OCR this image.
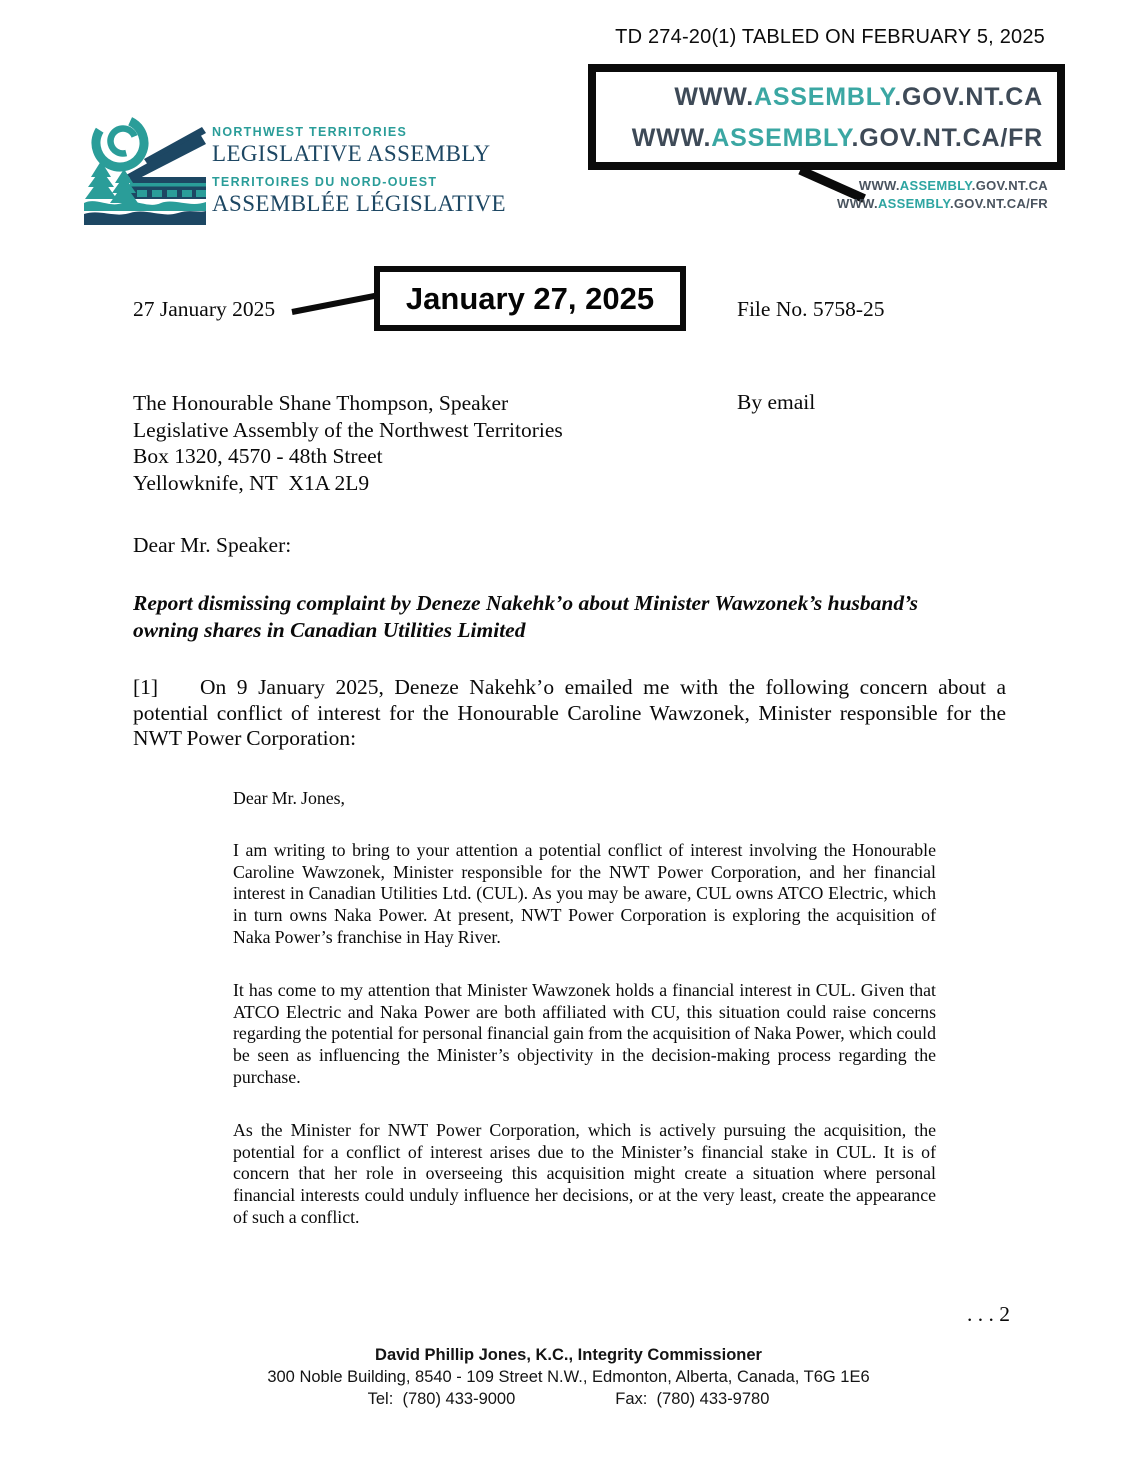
TD 274-20(1) TABLED ON FEBRUARY 5, 2025
WWW.ASSEMBLY.GOV.NT.CA
WWW.ASSEMBLY.GOV.NT.CA/FR
WWW.ASSEMBLY.GOV.NT.CA
WWW.ASSEMBLY.GOV.NT.CA/FR
NORTHWEST TERRITORIES
LEGISLATIVE ASSEMBLY
TERRITOIRES DU NORD-OUEST
ASSEMBLÉE LÉGISLATIVE
27 January 2025	January 27, 2025	File No. 5758-25
The Honourable Shane Thompson, Speaker
Legislative Assembly of the Northwest Territories
Box 1320, 4570 - 48th Street
Yellowknife, NT  X1A 2L9
By email
Dear Mr. Speaker:
Report dismissing complaint by Deneze Nakehk’o about Minister Wawzonek’s husband’s
owning shares in Canadian Utilities Limited
[1] On 9 January 2025, Deneze Nakehk’o emailed me with the following concern about a potential conflict of interest for the Honourable Caroline Wawzonek, Minister responsible for the NWT Power Corporation:
Dear Mr. Jones,

I am writing to bring to your attention a potential conflict of interest involving the Honourable Caroline Wawzonek, Minister responsible for the NWT Power Corporation, and her financial interest in Canadian Utilities Ltd. (CUL). As you may be aware, CUL owns ATCO Electric, which in turn owns Naka Power. At present, NWT Power Corporation is exploring the acquisition of Naka Power’s franchise in Hay River.

It has come to my attention that Minister Wawzonek holds a financial interest in CUL. Given that ATCO Electric and Naka Power are both affiliated with CU, this situation could raise concerns regarding the potential for personal financial gain from the acquisition of Naka Power, which could be seen as influencing the Minister’s objectivity in the decision-making process regarding the purchase.

As the Minister for NWT Power Corporation, which is actively pursuing the acquisition, the potential for a conflict of interest arises due to the Minister’s financial stake in CUL. It is of concern that her role in overseeing this acquisition might create a situation where personal financial interests could unduly influence her decisions, or at the very least, create the appearance of such a conflict.

. . . 2
David Phillip Jones, K.C., Integrity Commissioner
300 Noble Building, 8540 - 109 Street N.W., Edmonton, Alberta, Canada, T6G 1E6
Tel:  (780) 433-9000	Fax:  (780) 433-9780
